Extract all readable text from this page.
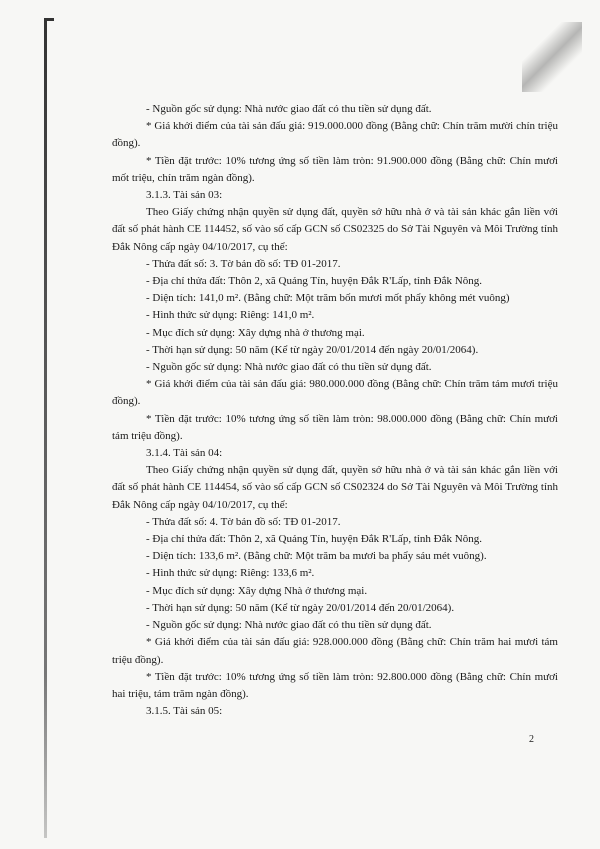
- Nguồn gốc sử dụng: Nhà nước giao đất có thu tiền sử dụng đất.
* Giá khởi điểm của tài sản đấu giá: 919.000.000 đồng (Bằng chữ: Chín trăm mười chín triệu đồng).
* Tiền đặt trước: 10% tương ứng số tiền làm tròn: 91.900.000 đồng (Bằng chữ: Chín mươi mốt triệu, chín trăm ngàn đồng).
3.1.3. Tài sản 03:
Theo Giấy chứng nhận quyền sử dụng đất, quyền sở hữu nhà ở và tài sản khác gắn liền với đất số phát hành CE 114452, số vào số cấp GCN số CS02325 do Sở Tài Nguyên và Môi Trường tỉnh Đắk Nông cấp ngày 04/10/2017, cụ thể:
- Thửa đất số: 3. Tờ bản đồ số: TĐ 01-2017.
- Địa chỉ thửa đất: Thôn 2, xã Quảng Tín, huyện Đắk R'Lấp, tỉnh Đắk Nông.
- Diện tích: 141,0 m². (Bằng chữ: Một trăm bốn mươi mốt phẩy không mét vuông)
- Hình thức sử dụng: Riêng: 141,0 m².
- Mục đích sử dụng: Xây dựng nhà ở thương mại.
- Thời hạn sử dụng: 50 năm (Kể từ ngày 20/01/2014 đến ngày 20/01/2064).
- Nguồn gốc sử dụng: Nhà nước giao đất có thu tiền sử dụng đất.
* Giá khởi điểm của tài sản đấu giá: 980.000.000 đồng (Bằng chữ: Chín trăm tám mươi triệu đồng).
* Tiền đặt trước: 10% tương ứng số tiền làm tròn: 98.000.000 đồng (Bằng chữ: Chín mươi tám triệu đồng).
3.1.4. Tài sản 04:
Theo Giấy chứng nhận quyền sử dụng đất, quyền sở hữu nhà ở và tài sản khác gắn liền với đất số phát hành CE 114454, số vào số cấp GCN số CS02324 do Sở Tài Nguyên và Môi Trường tỉnh Đắk Nông cấp ngày 04/10/2017, cụ thể:
- Thửa đất số: 4. Tờ bản đồ số: TĐ 01-2017.
- Địa chỉ thửa đất: Thôn 2, xã Quảng Tín, huyện Đắk R'Lấp, tỉnh Đắk Nông.
- Diện tích: 133,6 m². (Bằng chữ: Một trăm ba mươi ba phẩy sáu mét vuông).
- Hình thức sử dụng: Riêng: 133,6 m².
- Mục đích sử dụng: Xây dựng Nhà ở thương mại.
- Thời hạn sử dụng: 50 năm (Kể từ ngày 20/01/2014 đến 20/01/2064).
- Nguồn gốc sử dụng: Nhà nước giao đất có thu tiền sử dụng đất.
* Giá khởi điểm của tài sản đấu giá: 928.000.000 đồng (Bằng chữ: Chín trăm hai mươi tám triệu đồng).
* Tiền đặt trước: 10% tương ứng số tiền làm tròn: 92.800.000 đồng (Bằng chữ: Chín mươi hai triệu, tám trăm ngàn đồng).
3.1.5. Tài sản 05:
2
